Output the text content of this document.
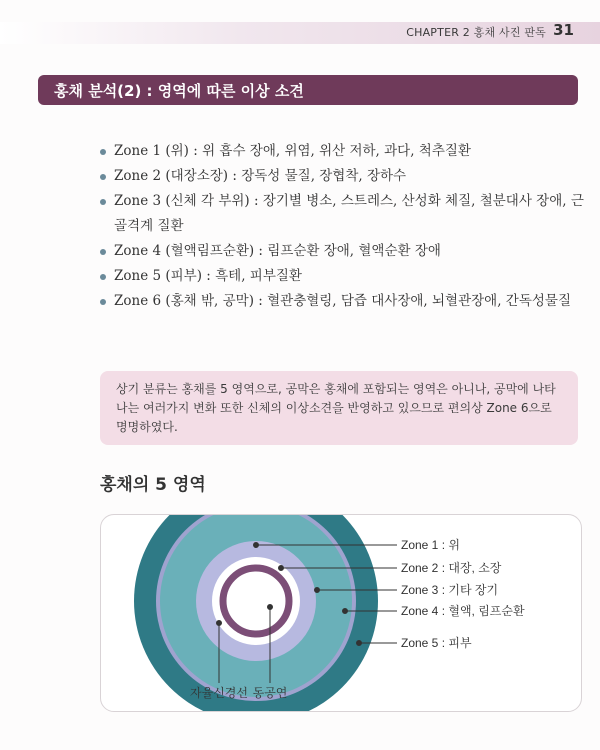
CHAPTER 2 홍채 사진 판독 31
홍채 분석(2) : 영역에 따른 이상 소견
Zone 1 (위) : 위 흡수 장애, 위염, 위산 저하, 과다, 척추질환
Zone 2 (대장소장) : 장독성 물질, 장협착, 장하수
Zone 3 (신체 각 부위) : 장기별 병소, 스트레스, 산성화 체질, 철분대사 장애, 근골격계 질환
Zone 4 (혈액림프순환) : 림프순환 장애, 혈액순환 장애
Zone 5 (피부) : 흑테, 피부질환
Zone 6 (홍채 밖, 공막) : 혈관충혈링, 담즙 대사장애, 뇌혈관장애, 간독성물질
상기 분류는 홍채를 5 영역으로, 공막은 홍채에 포함되는 영역은 아니나, 공막에 나타나는 여러가지 변화 또한 신체의 이상소견을 반영하고 있으므로 편의상 Zone 6으로 명명하였다.
홍채의 5 영역
Zone 1 : 위
Zone 2 : 대장, 소장
Zone 3 : 기타 장기
Zone 4 : 혈액, 림프순환
Zone 5 : 피부
자율신경선 동공연
